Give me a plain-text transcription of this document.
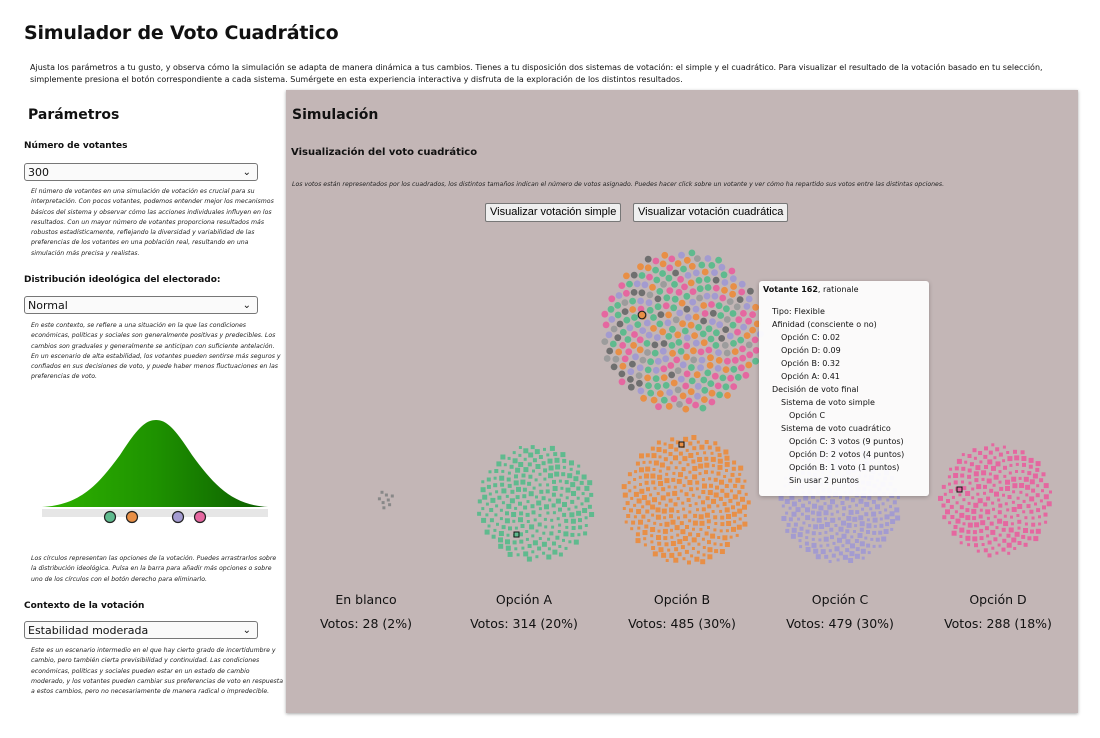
Simulador de Voto Cuadrático
Ajusta los parámetros a tu gusto, y observa cómo la simulación se adapta de manera dinámica a tus cambios. Tienes a tu disposición dos sistemas de votación: el simple y el cuadrático. Para visualizar el resultado de la votación basado en tu selección, simplemente presiona el botón correspondiente a cada sistema. Sumérgete en esta experiencia interactiva y disfruta de la exploración de los distintos resultados.
Parámetros
Número de votantes
300	⌄
El número de votantes en una simulación de votación es crucial para su interpretación. Con pocos votantes, podemos entender mejor los mecanismos básicos del sistema y observar cómo las acciones individuales influyen en los resultados. Con un mayor número de votantes proporciona resultados más robustos estadísticamente, reflejando la diversidad y variabilidad de las preferencias de los votantes en una población real, resultando en una simulación más precisa y realistas.
Distribución ideológica del electorado:
Normal	⌄
En este contexto, se refiere a una situación en la que las condiciones económicas, políticas y sociales son generalmente positivas y predecibles. Los cambios son graduales y generalmente se anticipan con suficiente antelación. En un escenario de alta estabilidad, los votantes pueden sentirse más seguros y confiados en sus decisiones de voto, y puede haber menos fluctuaciones en las preferencias de voto.
Los círculos representan las opciones de la votación. Puedes arrastrarlos sobre la distribución ideológica. Pulsa en la barra para añadir más opciones o sobre uno de los círculos con el botón derecho para eliminarlo.
Contexto de la votación
Estabilidad moderada	⌄
Este es un escenario intermedio en el que hay cierto grado de incertidumbre y cambio, pero también cierta previsibilidad y continuidad. Las condiciones económicas, políticas y sociales pueden estar en un estado de cambio moderado, y los votantes pueden cambiar sus preferencias de voto en respuesta a estos cambios, pero no necesariamente de manera radical o impredecible.
Simulación
Visualización del voto cuadrático
Los votos están representados por los cuadrados, los distintos tamaños indican el número de votos asignado. Puedes hacer click sobre un votante y ver cómo ha repartido sus votos entre las distintas opciones.
Visualizar votación simple	Visualizar votación cuadrática
En blanco
Votos: 28 (2%)
Opción A
Votos: 314 (20%)
Opción B
Votos: 485 (30%)
Opción C
Votos: 479 (30%)
Opción D
Votos: 288 (18%)
Votante 162, rationale
Tipo: Flexible
Afinidad (consciente o no)
Opción C: 0.02
Opción D: 0.09
Opción B: 0.32
Opción A: 0.41
Decisión de voto final
Sistema de voto simple
Opción C
Sistema de voto cuadrático
Opción C: 3 votos (9 puntos)
Opción D: 2 votos (4 puntos)
Opción B: 1 voto (1 puntos)
Sin usar 2 puntos
